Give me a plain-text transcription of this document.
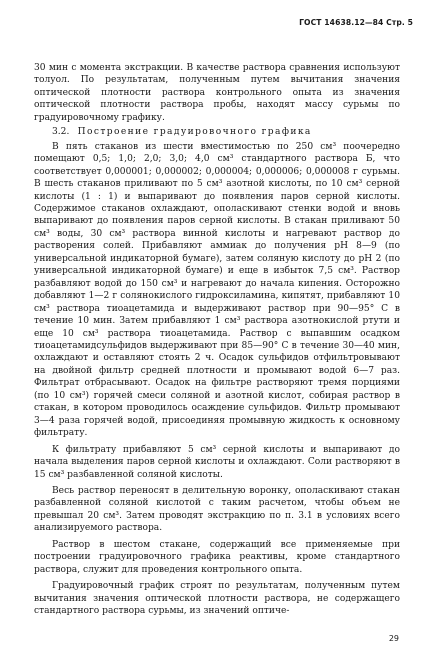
ГОСТ 14638.12—84 Стр. 5

30 мин с момента экстракции. В качестве раствора сравнения используют толуол. По результатам, полученным путем вычитания значения оптической плотности раствора контрольного опыта из значения оптической плотности раствора пробы, находят массу сурьмы по градуировочному графику.

3.2. Построение градуировочного графика

В пять стаканов из шести вместимостью по 250 см³ поочередно помещают 0,5; 1,0; 2,0; 3,0; 4,0 см³ стандартного раствора Б, что соответствует 0,000001; 0,000002; 0,000004; 0,000006; 0,000008 г сурьмы. В шесть стаканов приливают по 5 см³ азотной кислоты, по 10 см³ серной кислоты (1 : 1) и выпаривают до появления паров серной кислоты. Содержимое стаканов охлаждают, ополаскивают стенки водой и вновь выпаривают до появления паров серной кислоты. В стакан приливают 50 см³ воды, 30 см³ раствора винной кислоты и нагревают раствор до растворения солей. Прибавляют аммиак до получения pH 8—9 (по универсальной индикаторной бумаге), затем соляную кислоту до pH 2 (по универсальной индикаторной бумаге) и еще в избыток 7,5 см³. Раствор разбавляют водой до 150 см³ и нагревают до начала кипения. Осторожно добавляют 1—2 г солянокислого гидроксиламина, кипятят, прибавляют 10 см³ раствора тиоацетамида и выдерживают раствор при 90—95° С в течение 10 мин. Затем прибавляют 1 см³ раствора азотнокислой ртути и еще 10 см³ раствора тиоацетамида. Раствор с выпавшим осадком тиоацетамидсульфидов выдерживают при 85—90° С в течение 30—40 мин, охлаждают и оставляют стоять 2 ч. Осадок сульфидов отфильтровывают на двойной фильтр средней плотности и промывают водой 6—7 раз. Фильтрат отбрасывают. Осадок на фильтре растворяют тремя порциями (по 10 см³) горячей смеси соляной и азотной кислот, собирая раствор в стакан, в котором проводилось осаждение сульфидов. Фильтр промывают 3—4 раза горячей водой, присоединяя промывную жидкость к основному фильтрату.

К фильтрату прибавляют 5 см³ серной кислоты и выпаривают до начала выделения паров серной кислоты и охлаждают. Соли растворяют в 15 см³ разбавленной соляной кислоты.

Весь раствор переносят в делительную воронку, ополаскивают стакан разбавленной соляной кислотой с таким расчетом, чтобы объем не превышал 20 см³. Затем проводят экстракцию по п. 3.1 в условиях всего анализируемого раствора.

Раствор в шестом стакане, содержащий все применяемые при построении градуировочного графика реактивы, кроме стандартного раствора, служит для проведения контрольного опыта.

Градуировочный график строят по результатам, полученным путем вычитания значения оптической плотности раствора, не содержащего стандартного раствора сурьмы, из значений оптиче-

29
